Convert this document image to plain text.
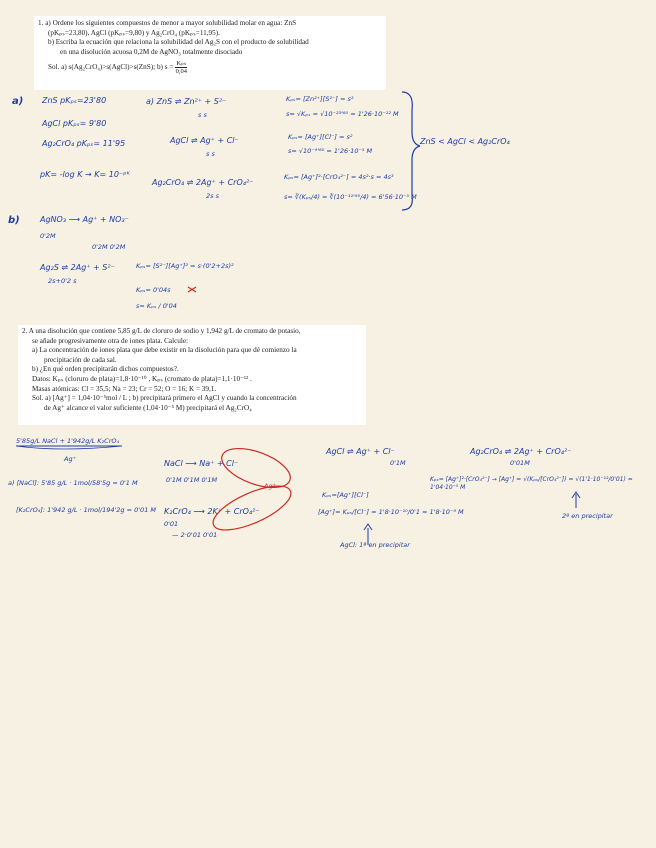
1. a) Ordene los siguientes compuestos de menor a mayor solubilidad molar en agua: ZnS

(pKₚₛ=23,80), AgCl (pKₚₛ=9,80) y Ag₂CrO₄ (pKₚₛ=11,95).

b) Escriba la ecuación que relaciona la solubilidad del Ag₂S con el producto de solubilidad

en una disolución acuosa 0,2M de AgNO₃ totalmente disociado

Sol. a) s(Ag₂CrO₄)>s(AgCl)>s(ZnS); b) $s = \frac{\text{Kₚₛ}}{0,04}$

2. A una disolución que contiene 5,85 g/L de cloruro de sodio y 1,942 g/L de cromato de potasio,

se añade progresivamente otra de iones plata. Calcule:

a) La concentración de iones plata que debe existir en la disolución para que dé comienzo la

precipitación de cada sal.

b) ¿En qué orden precipitarán dichos compuestos?.

Datos: Kₚₛ (cloruro de plata)=1,8·10⁻¹⁰ , Kₚₛ (cromato de plata)=1,1·10⁻¹² .

Masas atómicas: Cl = 35,5; Na = 23; Cr = 52; O = 16; K = 39,1.

Sol. a) [Ag⁺] = 1,04·10⁻⁵mol / L ; b) precipitará primero el AgCl y cuando la concentración

de Ag⁺ alcance el valor suficiente (1,04·10⁻⁵ M) precipitará el Ag₂CrO₄

a) ZnS pKₚₛ=23'80
AgCl pKₚₛ= 9'80
Ag₂CrO₄ pKₚₛ= 11'95
pK= -log K → K= 10⁻ᵖᴷ
a) ZnS ⇌ Zn²⁺ + S²⁻
s s
AgCl ⇌ Ag⁺ + Cl⁻
s s
Ag₂CrO₄ ⇌ 2Ag⁺ + CrO₄²⁻
2s s
Kₚₛ= [Zn²⁺][S²⁻] = s²
s= √Kₚₛ = √10⁻²³'⁸⁰ = 1'26·10⁻¹² M
Kₚₛ= [Ag⁺][Cl⁻] = s²
s= √10⁻⁹'⁸⁰ = 1'26·10⁻⁵ M
Kₚₛ= [Ag⁺]²·[CrO₄²⁻] = 4s²·s = 4s³
s= ∛(Kₚₛ/4) = ∛(10⁻¹¹'⁹⁵/4) = 6'56·10⁻⁵ M
ZnS < AgCl < Ag₂CrO₄
b)	AgNO₃ ⟶ Ag⁺ + NO₃⁻
0'2M
0'2M 0'2M
Ag₂S ⇌ 2Ag⁺ + S²⁻
2s+0'2 s
Kₚₛ= [S²⁻][Ag⁺]² = s·(0'2+2s)²
Kₚₛ= 0'04s
s= Kₚₛ / 0'04
5'85g/L NaCl + 1'942g/L K₂CrO₄
Ag⁺
a) [NaCl]: 5'85 g/L · 1mol/58'5g = 0'1 M
[K₂CrO₄]: 1'942 g/L · 1mol/194'2g = 0'01 M
NaCl ⟶ Na⁺ + Cl⁻
0'1M 0'1M 0'1M
K₂CrO₄ ⟶ 2K⁺ + CrO₄²⁻
0'01
— 2·0'01 0'01
Ag⁺
AgCl ⇌ Ag⁺ + Cl⁻
0'1M
Kₚₛ=[Ag⁺][Cl⁻]
[Ag⁺]= Kₚₛ/[Cl⁻] = 1'8·10⁻¹⁰/0'1 = 1'8·10⁻⁹ M
AgCl: 1ª en precipitar
Ag₂CrO₄ ⇌ 2Ag⁺ + CrO₄²⁻
0'01M
Kₚₛ= [Ag⁺]²·[CrO₄²⁻] → [Ag⁺] = √(Kₚₛ/[CrO₄²⁻]) = √(1'1·10⁻¹²/0'01) = 1'04·10⁻⁵ M
2º en precipitar
